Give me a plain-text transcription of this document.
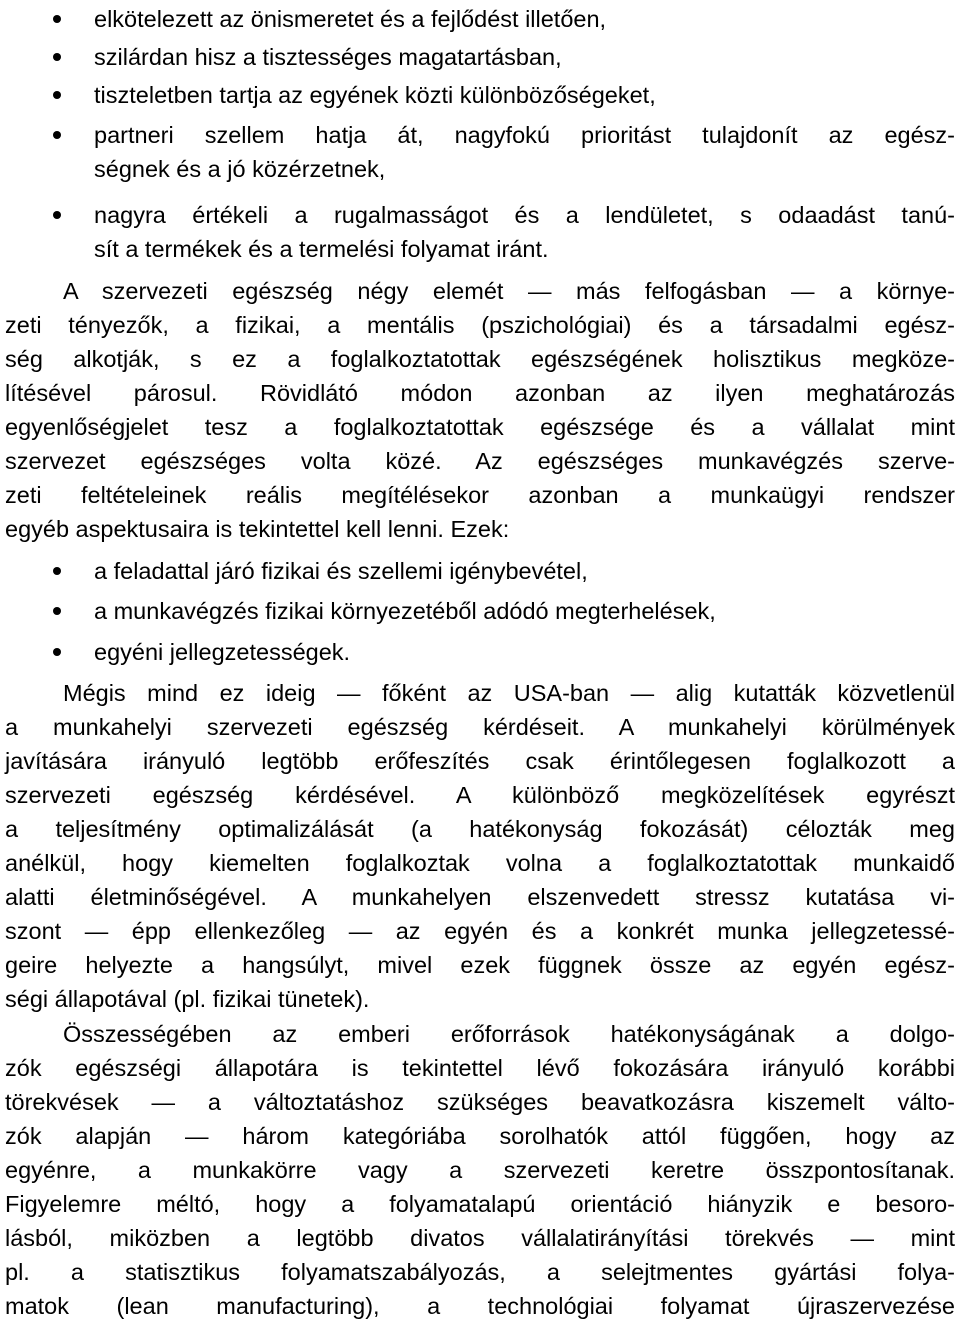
elkötelezett az önismeretet és a fejlődést illetően,
szilárdan hisz a tisztességes magatartásban,
tiszteletben tartja az egyének közti különbözőségeket,
partneri szellem hatja át, nagyfokú prioritást tulajdonít az egész-
ségnek és a jó közérzetnek,
nagyra értékeli a rugalmasságot és a lendületet, s odaadást tanú-
sít a termékek és a termelési folyamat iránt.
A szervezeti egészség négy elemét — más felfogásban — a környe-
zeti tényezők, a fizikai, a mentális (pszichológiai) és a társadalmi egész-
ség alkotják, s ez a foglalkoztatottak egészségének holisztikus megköze-
lítésével párosul. Rövidlátó módon azonban az ilyen meghatározás
egyenlőségjelet tesz a foglalkoztatottak egészsége és a vállalat mint
szervezet egészséges volta közé. Az egészséges munkavégzés szerve-
zeti feltételeinek reális megítélésekor azonban a munkaügyi rendszer
egyéb aspektusaira is tekintettel kell lenni. Ezek:
a feladattal járó fizikai és szellemi igénybevétel,
a munkavégzés fizikai környezetéből adódó megterhelések,
egyéni jellegzetességek.
Mégis mind ez ideig — főként az USA-ban — alig kutatták közvetlenül
a munkahelyi szervezeti egészség kérdéseit. A munkahelyi körülmények
javítására irányuló legtöbb erőfeszítés csak érintőlegesen foglalkozott a
szervezeti egészség kérdésével. A különböző megközelítések egyrészt
a teljesítmény optimalizálását (a hatékonyság fokozását) célozták meg
anélkül, hogy kiemelten foglalkoztak volna a foglalkoztatottak munkaidő
alatti életminőségével. A munkahelyen elszenvedett stressz kutatása vi-
szont — épp ellenkezőleg — az egyén és a konkrét munka jellegzetessé-
geire helyezte a hangsúlyt, mivel ezek függnek össze az egyén egész-
ségi állapotával (pl. fizikai tünetek).
Összességében az emberi erőforrások hatékonyságának a dolgo-
zók egészségi állapotára is tekintettel lévő fokozására irányuló korábbi
törekvések — a változtatáshoz szükséges beavatkozásra kiszemelt válto-
zók alapján — három kategóriába sorolhatók attól függően, hogy az
egyénre, a munkakörre vagy a szervezeti keretre összpontosítanak.
Figyelemre méltó, hogy a folyamatalapú orientáció hiányzik e besoro-
lásból, miközben a legtöbb divatos vállalatirányítási törekvés — mint
pl. a statisztikus folyamatszabályozás, a selejtmentes gyártási folya-
matok (lean manufacturing), a technológiai folyamat újraszervezése
